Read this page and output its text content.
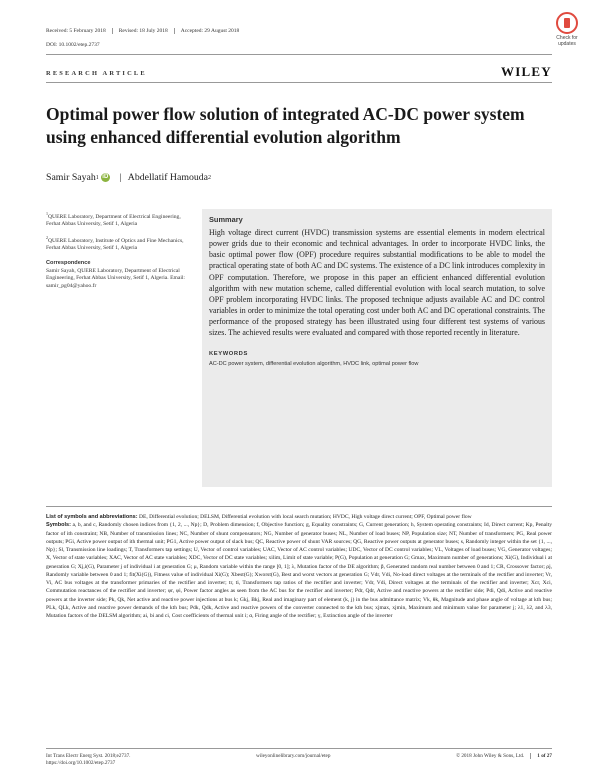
Received: 5 February 2018	Revised: 18 July 2018	Accepted: 29 August 2018
DOI: 10.1002/etep.2737
Check for
updates
RESEARCH ARTICLE	WILEY
Optimal power flow solution of integrated AC-DC power system using enhanced differential evolution algorithm
Samir Sayah 1 iD | Abdellatif Hamouda 2
$^1$QUERE Laboratory, Department of Electrical Engineering, Ferhat Abbas University, Setif 1, Algeria
$^2$QUERE Laboratory, Institute of Optics and Fine Mechanics, Ferhat Abbas University, Setif 1, Algeria
Correspondence
Samir Sayah, QUERE Laboratory, Department of Electrical Engineering, Ferhat Abbas University, Setif 1, Algeria. Email: samir_pg04@yahoo.fr
Summary

High voltage direct current (HVDC) transmission systems are essential elements in modern electrical power grids due to their economic and technical advantages. In order to incorporate HVDC links, the basic optimal power flow (OPF) procedure requires substantial modifications to be able to model the practical operating state of both AC and DC systems. The existence of a DC link introduces complexity in OPF computation. Therefore, we propose in this paper an efficient enhanced differential evolution algorithm with new mutation scheme, called differential evolution with local search mutation, to solve OPF problem incorporating HVDC links. The proposed technique adjusts available AC and DC control variables in order to minimize the total operating cost under both AC and DC operational constraints. The performance of the proposed strategy has been illustrated using four different test systems of various sizes. The achieved results were evaluated and compared with those reported recently in literature.

KEYWORDS
AC-DC power system, differential evolution algorithm, HVDC link, optimal power flow
List of symbols and abbreviations: DE, Differential evolution; DELSM, Differential evolution with local search mutation; HVDC, High voltage direct current; OPF, Optimal power flow
Symbols: a, b, and c, Randomly chosen indices from {1, 2, ..., Np}; D, Problem dimension; f, Objective function; g, Equality constraints; G, Current generation; h, System operating constraints; Id, Direct current; Kp, Penalty factor of ith constraint; NB, Number of transmission lines; NC, Number of shunt compensators; NG, Number of generator buses; NL, Number of load buses; NP, Population size; NT, Number of transformers; PG, Real power outputs; PGi, Active power output of ith thermal unit; PG1, Active power output of slack bus; QC, Reactive power of shunt VAR sources; QG, Reactive power outputs at generator buses; s, Randomly integer within the set {1, ..., Np}; Sl, Transmission line loadings; T, Transformers tap settings; U, Vector of control variables; UAC, Vector of AC control variables; UDC, Vector of DC control variables; VL, Voltages of load buses; VG, Generator voltages; X, Vector of state variables; XAC, Vector of AC state variables; XDC, Vector of DC state variables; xilim, Limit of state variable; P(G), Population at generation G; Gmax, Maximum number of generations; Xi(G), Individual i at generation G; Xj,i(G), Parameter j of individual i at generation G; μ, Random variable within the range [0, 1]; λ, Mutation factor of the DE algorithm; β, Generated random real number between 0 and 1; CR, Crossover factor; ρj, Randomly variable between 0 and 1; fit(Xi(G)), Fitness value of individual Xi(G); Xbest(G); Xworst(G), Best and worst vectors at generation G; Vdr, Vdi, No-load direct voltages at the terminals of the rectifier and inverter; Vr, Vi, AC bus voltages at the transformer primaries of the rectifier and inverter; tr, ti, Transformers tap ratios of the rectifier and inverter; Vdr, Vdi, Direct voltages at the terminals of the rectifier and inverter; Xcr, Xci, Commutation reactances of the rectifier and inverter; φr, φi, Power factor angles as seen from the AC bus for the rectifier and inverter; Pdr, Qdr, Active and reactive powers at the rectifier side; Pdi, Qdi, Active and reactive powers at the inverter side; Pk, Qk, Net active and reactive power injections at bus k; Gkj, Bkj, Real and imaginary part of element (k, j) in the bus admittance matrix; Vk, θk, Magnitude and phase angle of voltage at kth bus; PLk, QLk, Active and reactive power demands of the kth bus; Pdk, Qdk, Active and reactive powers of the converter connected to the kth bus; xjmax, xjmin, Maximum and minimum value for parameter j; λ1, λ2, and λ3, Mutation factors of the DELSM algorithm; ai, bi and ci, Cost coefficients of thermal unit i; α, Firing angle of the rectifier; γ, Extinction angle of the inverter
Int Trans Electr Energ Syst. 2018;e2737.
https://doi.org/10.1002/etep.2737
wileyonlinelibrary.com/journal/etep	© 2018 John Wiley & Sons, Ltd.	1 of 27
